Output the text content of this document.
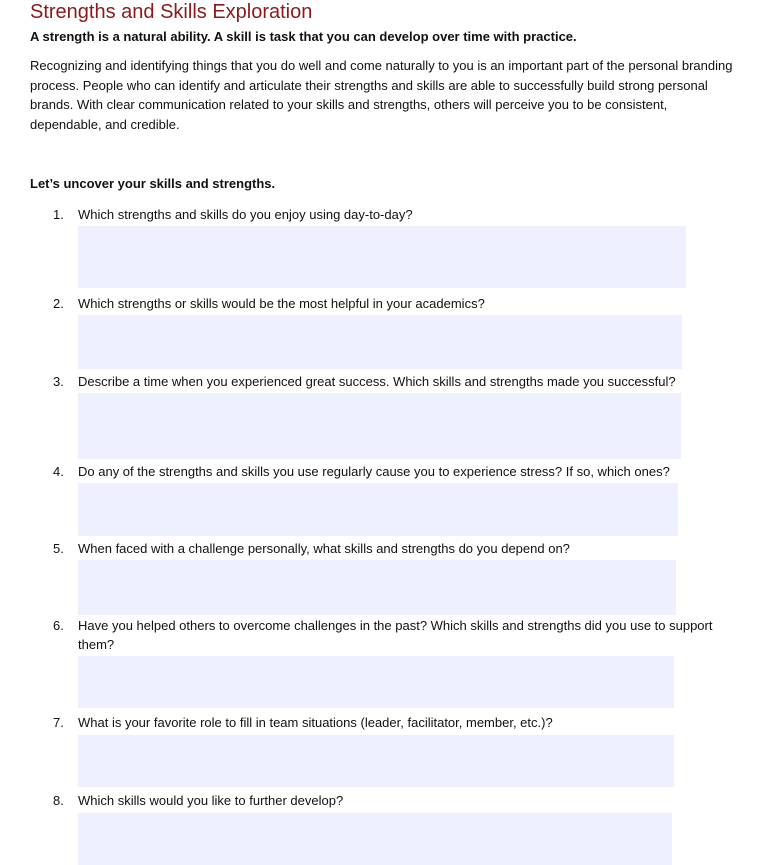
Strengths and Skills Exploration
A strength is a natural ability. A skill is task that you can develop over time with practice.

Recognizing and identifying things that you do well and come naturally to you is an important part of the personal branding process. People who can identify and articulate their strengths and skills are able to successfully build strong personal brands. With clear communication related to your skills and strengths, others will perceive you to be consistent, dependable, and credible.

Let’s uncover your skills and strengths.
1. Which strengths and skills do you enjoy using day-to-day?
2. Which strengths or skills would be the most helpful in your academics?
3. Describe a time when you experienced great success. Which skills and strengths made you successful?
4. Do any of the strengths and skills you use regularly cause you to experience stress? If so, which ones?
5. When faced with a challenge personally, what skills and strengths do you depend on?
6. Have you helped others to overcome challenges in the past? Which skills and strengths did you use to support them?
7. What is your favorite role to fill in team situations (leader, facilitator, member, etc.)?
8. Which skills would you like to further develop?
